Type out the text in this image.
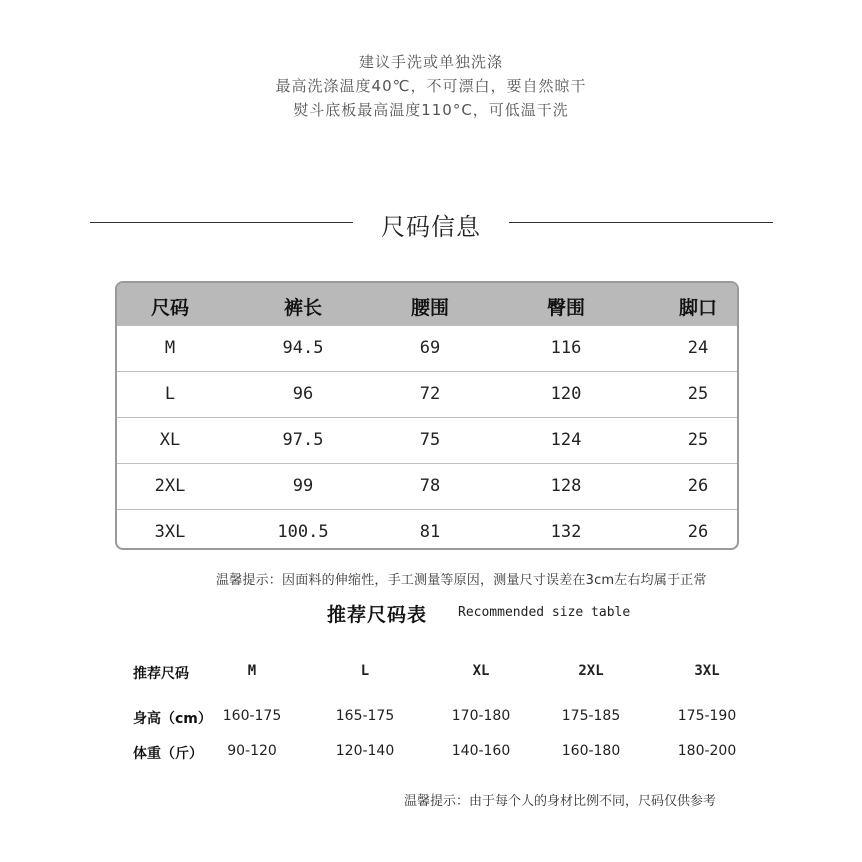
建议手洗或单独洗涤
最高洗涤温度40℃，不可漂白，要自然晾干
熨斗底板最高温度110°C，可低温干洗
尺码信息
尺码	裤长	腰围	臀围	脚口
M	94.5	69	116	24
L	96	72	120	25
XL	97.5	75	124	25
2XL	99	78	128	26
3XL	100.5	81	132	26
温馨提示：因面料的伸缩性，手工测量等原因，测量尺寸误差在3cm左右均属于正常
推荐尺码表 Recommended size table
推荐尺码	M	L	XL	2XL	3XL
身高（cm） 160-175	165-175	170-180	175-185	175-190
体重（斤）	90-120	120-140	140-160	160-180	180-200
温馨提示：由于每个人的身材比例不同，尺码仅供参考
